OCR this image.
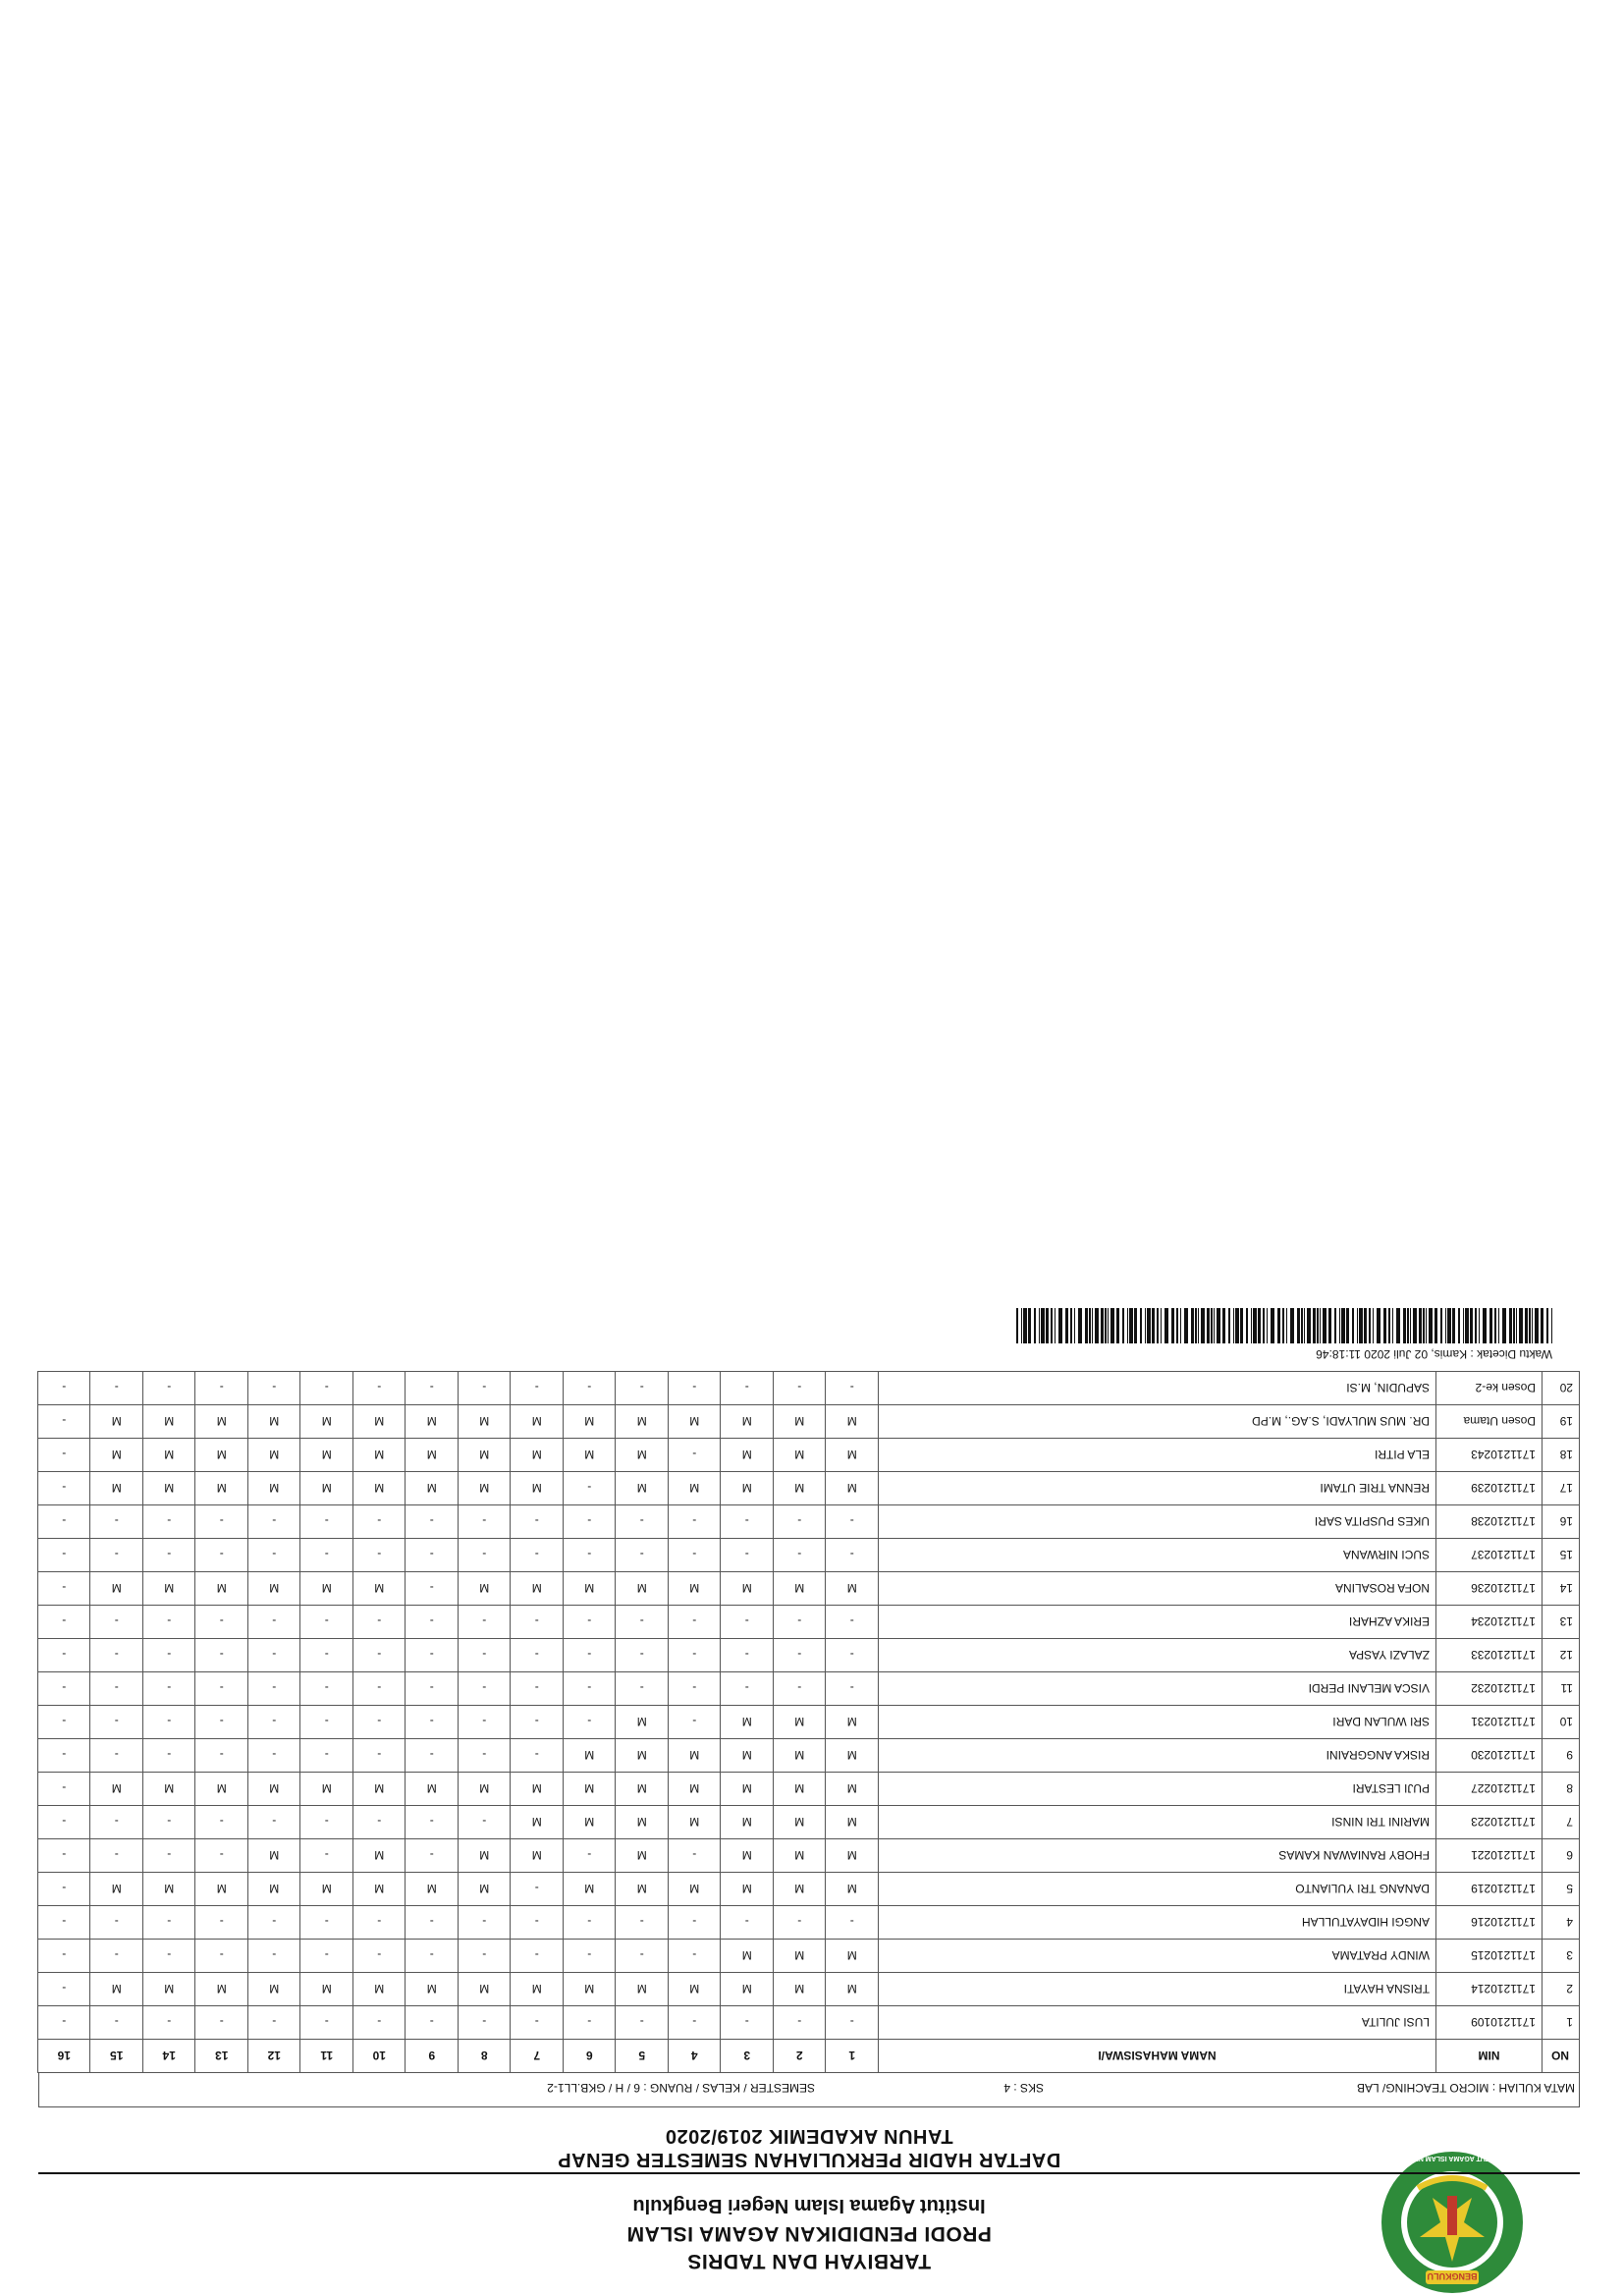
BENGKULU
INSTITUT AGAMA ISLAM NEGERI
TARBIYAH DAN TADRIS
PRODI PENDIDIKAN AGAMA ISLAM
Institut Agama Islam Negeri Bengkulu
DAFTAR HADIR PERKULIAHAN SEMESTER GENAP
TAHUN AKADEMIK 2019/2020
MATA KULIAH : MICRO TEACHING/ LAB
SKS : 4
SEMESTER / KELAS / RUANG : 6 / H / GKB.LL1-2
NO	NIM	NAMA MAHASISWA/I	1	2	3	4	5	6	7	8	9	10	11	12	13	14	15	16
1	1711210109	LUSI JULITA	-	-	-	-	-	-	-	-	-	-	-	-	-	-	-	-
2	1711210214	TRISNA HAYATI	M	M	M	M	M	M	M	M	M	M	M	M	M	M	M	-
3	1711210215	WINDY PRATAMA	M	M	M	-	-	-	-	-	-	-	-	-	-	-	-	-
4	1711210216	ANGGI HIDAYATULLAH	-	-	-	-	-	-	-	-	-	-	-	-	-	-	-	-
5	1711210219	DANANG TRI YULIANTO	M	M	M	M	M	M	-	M	M	M	M	M	M	M	M	-
6	1711210221	FHOBY RANIAWAN KAMAS	M	M	M	-	M	-	M	M	-	M	-	M	-	-	-	-
7	1711210223	MARINI TRI NINSI	M	M	M	M	M	M	M	-	-	-	-	-	-	-	-	-
8	1711210227	PUJI LESTARI	M	M	M	M	M	M	M	M	M	M	M	M	M	M	M	-
9	1711210230	RISKA ANGGRAINI	M	M	M	M	M	M	-	-	-	-	-	-	-	-	-	-
10	1711210231	SRI WULAN DARI	M	M	M	-	M	-	-	-	-	-	-	-	-	-	-	-
11	1711210232	VISCA MELANI PERDI	-	-	-	-	-	-	-	-	-	-	-	-	-	-	-	-
12	1711210233	ZALAZI YASPA	-	-	-	-	-	-	-	-	-	-	-	-	-	-	-	-
13	1711210234	ERIKA AZHARI	-	-	-	-	-	-	-	-	-	-	-	-	-	-	-	-
14	1711210236	NOFA ROSALINA	M	M	M	M	M	M	M	M	-	M	M	M	M	M	M	-
15	1711210237	SUCI NIRWANA	-	-	-	-	-	-	-	-	-	-	-	-	-	-	-	-
16	1711210238	UKES PUSPITA SARI	-	-	-	-	-	-	-	-	-	-	-	-	-	-	-	-
17	1711210239	RENNA TRIE UTAMI	M	M	M	M	M	-	M	M	M	M	M	M	M	M	M	-
18	1711210243	ELA PITRI	M	M	M	-	M	M	M	M	M	M	M	M	M	M	M	-
19	Dosen Utama	DR. MUS MULYADI, S.AG., M.PD	M	M	M	M	M	M	M	M	M	M	M	M	M	M	M	-
20	Dosen ke-2	SAPUDIN, M.SI	-	-	-	-	-	-	-	-	-	-	-	-	-	-	-	-
Waktu Dicetak : Kamis, 02 Juli 2020 11:18:46
